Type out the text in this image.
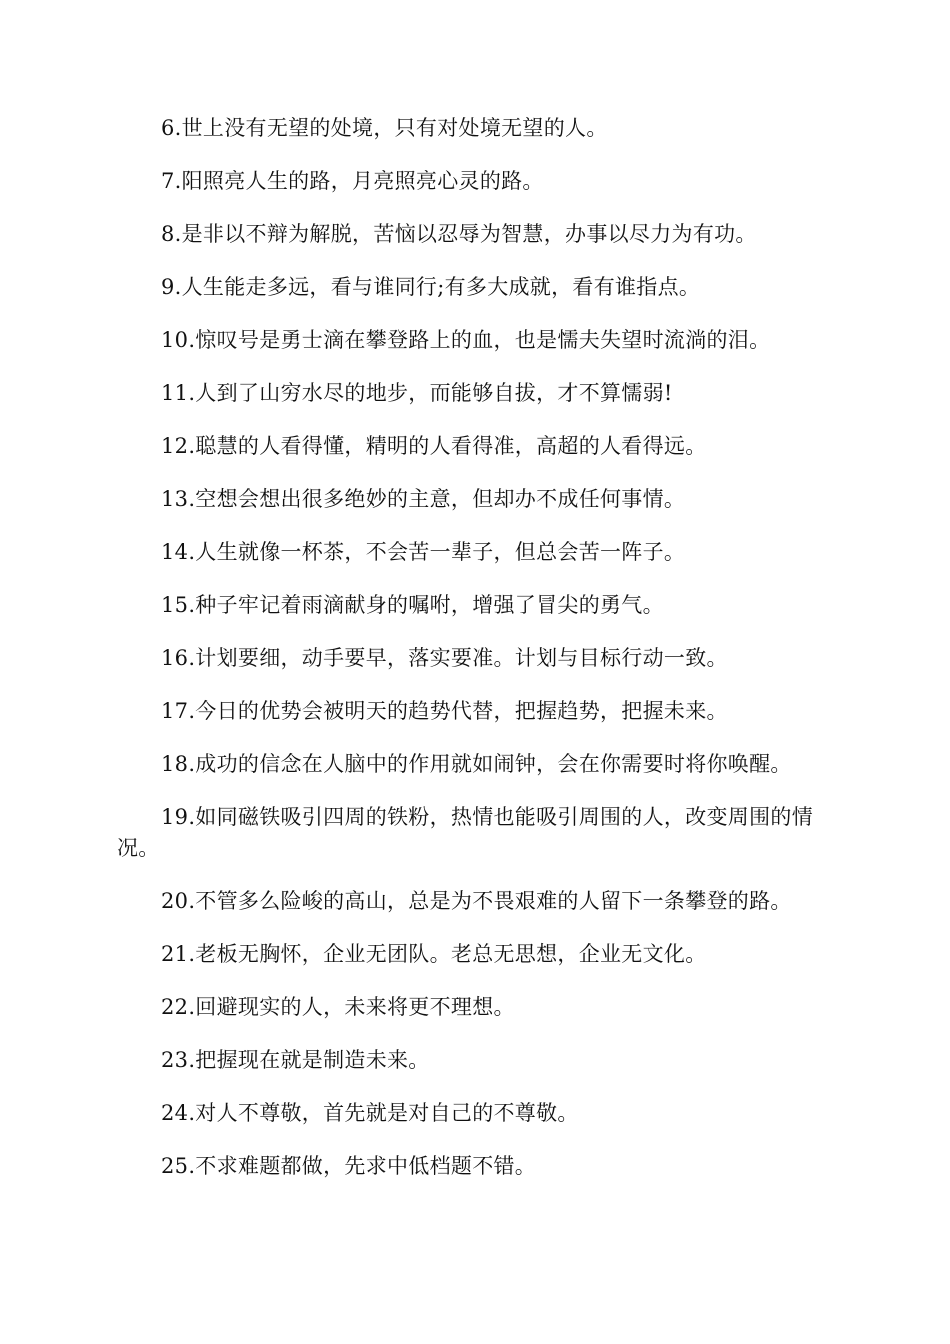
6.世上没有无望的处境，只有对处境无望的人。

7.阳照亮人生的路，月亮照亮心灵的路。

8.是非以不辩为解脱，苦恼以忍辱为智慧，办事以尽力为有功。

9.人生能走多远，看与谁同行;有多大成就，看有谁指点。

10.惊叹号是勇士滴在攀登路上的血，也是懦夫失望时流淌的泪。

11.人到了山穷水尽的地步，而能够自拔，才不算懦弱!

12.聪慧的人看得懂，精明的人看得准，高超的人看得远。

13.空想会想出很多绝妙的主意，但却办不成任何事情。

14.人生就像一杯茶，不会苦一辈子，但总会苦一阵子。

15.种子牢记着雨滴献身的嘱咐，增强了冒尖的勇气。

16.计划要细，动手要早，落实要准。计划与目标行动一致。

17.今日的优势会被明天的趋势代替，把握趋势，把握未来。

18.成功的信念在人脑中的作用就如闹钟，会在你需要时将你唤醒。

19.如同磁铁吸引四周的铁粉，热情也能吸引周围的人，改变周围的情况。

20.不管多么险峻的高山，总是为不畏艰难的人留下一条攀登的路。

21.老板无胸怀，企业无团队。老总无思想，企业无文化。

22.回避现实的人，未来将更不理想。

23.把握现在就是制造未来。

24.对人不尊敬，首先就是对自己的不尊敬。

25.不求难题都做，先求中低档题不错。
